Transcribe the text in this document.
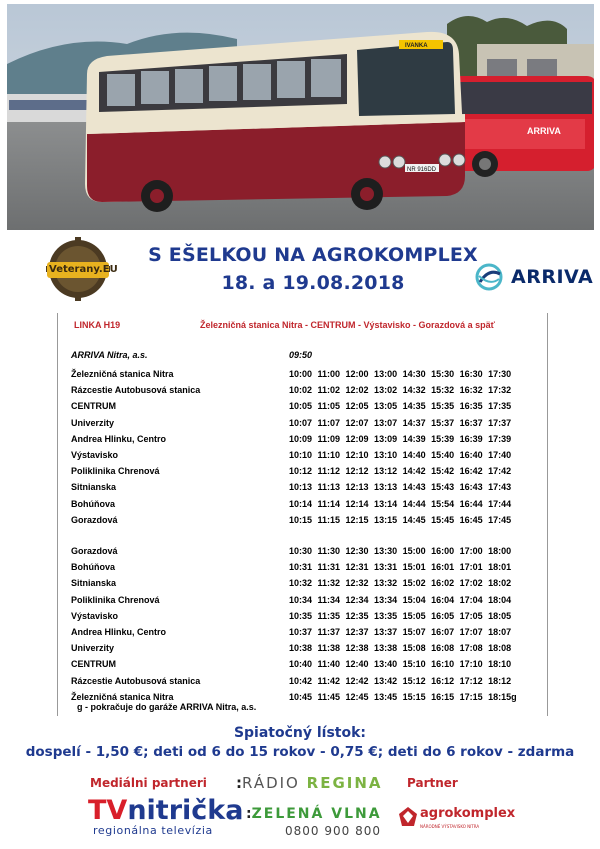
ARRIVA
IVANKA
NR 916DD
Veterany.EU
S EŠELKOU NA AGROKOMPLEX
18. a 19.08.2018	ARRIVA
LINKA H19	Železničná stanica Nitra - CENTRUM - Výstavisko - Gorazdová a späť
ARRIVA Nitra, a.s.	09:50
Železničná stanica Nitra	10:00 11:00 12:00 13:00 14:30 15:30 16:30 17:30
Rázcestie Autobusová stanica	10:02 11:02 12:02 13:02 14:32 15:32 16:32 17:32
CENTRUM	10:05 11:05 12:05 13:05 14:35 15:35 16:35 17:35
Univerzity	10:07 11:07 12:07 13:07 14:37 15:37 16:37 17:37
Andrea Hlinku, Centro	10:09 11:09 12:09 13:09 14:39 15:39 16:39 17:39
Výstavisko	10:10 11:10 12:10 13:10 14:40 15:40 16:40 17:40
Poliklinika Chrenová	10:12 11:12 12:12 13:12 14:42 15:42 16:42 17:42
Sitnianska	10:13 11:13 12:13 13:13 14:43 15:43 16:43 17:43
Bohúňova	10:14 11:14 12:14 13:14 14:44 15:54 16:44 17:44
Gorazdová	10:15 11:15 12:15 13:15 14:45 15:45 16:45 17:45
Gorazdová	10:30 11:30 12:30 13:30 15:00 16:00 17:00 18:00
Bohúňova	10:31 11:31 12:31 13:31 15:01 16:01 17:01 18:01
Sitnianska	10:32 11:32 12:32 13:32 15:02 16:02 17:02 18:02
Poliklinika Chrenová	10:34 11:34 12:34 13:34 15:04 16:04 17:04 18:04
Výstavisko	10:35 11:35 12:35 13:35 15:05 16:05 17:05 18:05
Andrea Hlinku, Centro	10:37 11:37 12:37 13:37 15:07 16:07 17:07 18:07
Univerzity	10:38 11:38 12:38 13:38 15:08 16:08 17:08 18:08
CENTRUM	10:40 11:40 12:40 13:40 15:10 16:10 17:10 18:10
Rázcestie Autobusová stanica	10:42 11:42 12:42 13:42 15:12 16:12 17:12 18:12
Železničná stanica Nitra	10:45 11:45 12:45 13:45 15:15 16:15 17:15 18:15g
g - pokračuje do garáže ARRIVA Nitra, a.s.
Spiatočný lístok:
dospelí - 1,50 €; deti od 6 do 15 rokov - 0,75 €; deti do 6 rokov - zdarma
Mediálni partneri :RÁDIO REGINA Partner
TVnitrička
regionálna televízia
:ZELENÁ VLNA
0800 900 800
agrokomplex
NÁRODNÉ VÝSTAVISKO NITRA
